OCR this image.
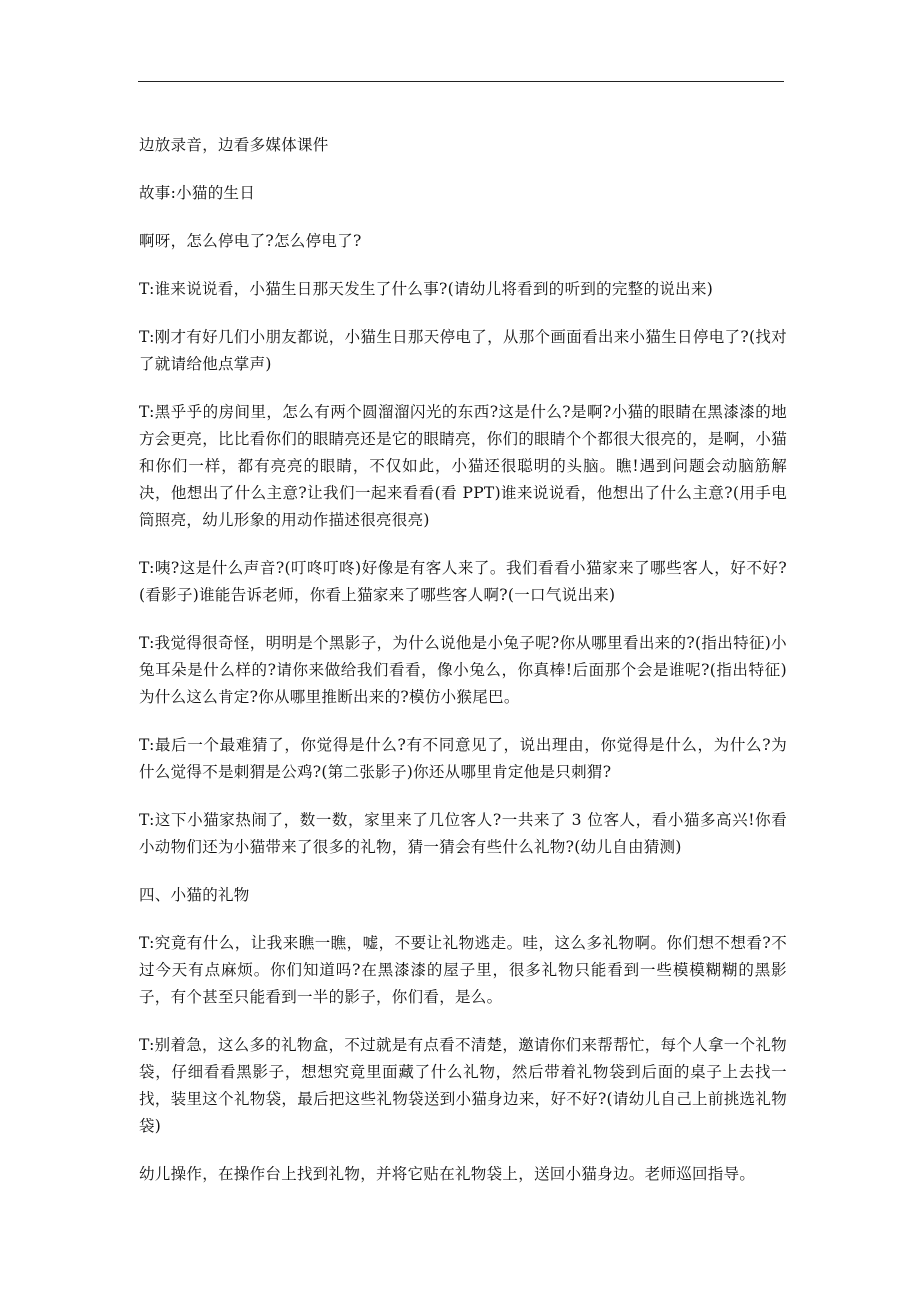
边放录音，边看多媒体课件

故事:小猫的生日

啊呀，怎么停电了?怎么停电了?

T:谁来说说看，小猫生日那天发生了什么事?(请幼儿将看到的听到的完整的说出来)

T:刚才有好几们小朋友都说，小猫生日那天停电了，从那个画面看出来小猫生日停电了?(找对了就请给他点掌声)

T:黑乎乎的房间里，怎么有两个圆溜溜闪光的东西?这是什么?是啊?小猫的眼睛在黑漆漆的地方会更亮，比比看你们的眼睛亮还是它的眼睛亮，你们的眼睛个个都很大很亮的，是啊，小猫和你们一样，都有亮亮的眼睛，不仅如此，小猫还很聪明的头脑。瞧!遇到问题会动脑筋解决，他想出了什么主意?让我们一起来看看(看 PPT)谁来说说看，他想出了什么主意?(用手电筒照亮，幼儿形象的用动作描述很亮很亮)

T:咦?这是什么声音?(叮咚叮咚)好像是有客人来了。我们看看小猫家来了哪些客人，好不好?(看影子)谁能告诉老师，你看上猫家来了哪些客人啊?(一口气说出来)

T:我觉得很奇怪，明明是个黑影子，为什么说他是小兔子呢?你从哪里看出来的?(指出特征)小兔耳朵是什么样的?请你来做给我们看看，像小兔么，你真棒!后面那个会是谁呢?(指出特征)为什么这么肯定?你从哪里推断出来的?模仿小猴尾巴。

T:最后一个最难猜了，你觉得是什么?有不同意见了，说出理由，你觉得是什么，为什么?为什么觉得不是刺猬是公鸡?(第二张影子)你还从哪里肯定他是只刺猬?

T:这下小猫家热闹了，数一数，家里来了几位客人?一共来了 3 位客人，看小猫多高兴!你看小动物们还为小猫带来了很多的礼物，猜一猜会有些什么礼物?(幼儿自由猜测)

四、小猫的礼物

T:究竟有什么，让我来瞧一瞧，嘘，不要让礼物逃走。哇，这么多礼物啊。你们想不想看?不过今天有点麻烦。你们知道吗?在黑漆漆的屋子里，很多礼物只能看到一些模模糊糊的黑影子，有个甚至只能看到一半的影子，你们看，是么。

T:别着急，这么多的礼物盒，不过就是有点看不清楚，邀请你们来帮帮忙，每个人拿一个礼物袋，仔细看看黑影子，想想究竟里面藏了什么礼物，然后带着礼物袋到后面的桌子上去找一找，装里这个礼物袋，最后把这些礼物袋送到小猫身边来，好不好?(请幼儿自己上前挑选礼物袋)

幼儿操作，在操作台上找到礼物，并将它贴在礼物袋上，送回小猫身边。老师巡回指导。
